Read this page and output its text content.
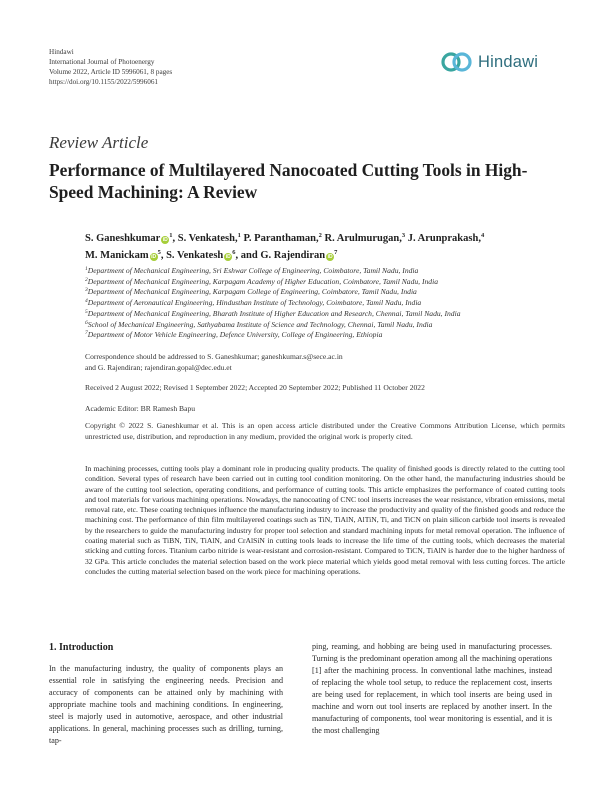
Hindawi
International Journal of Photoenergy
Volume 2022, Article ID 5996061, 8 pages
https://doi.org/10.1155/2022/5996061
Hindawi
Review Article
Performance of Multilayered Nanocoated Cutting Tools in High-Speed Machining: A Review
S. Ganeshkumar $iD^1$, S. Venkatesh,$^1$ P. Paranthaman,$^2$ R. Arulmurugan,$^3$ J. Arunprakash,$^4$ M. Manickam $iD^5$, S. Venkatesh $iD^6$, and G. Rajendiran $iD^7$
$^1$Department of Mechanical Engineering, Sri Eshwar College of Engineering, Coimbatore, Tamil Nadu, India
$^2$Department of Mechanical Engineering, Karpagam Academy of Higher Education, Coimbatore, Tamil Nadu, India
$^3$Department of Mechanical Engineering, Karpagam College of Engineering, Coimbatore, Tamil Nadu, India
$^4$Department of Aeronautical Engineering, Hindusthan Institute of Technology, Coimbatore, Tamil Nadu, India
$^5$Department of Mechanical Engineering, Bharath Institute of Higher Education and Research, Chennai, Tamil Nadu, India
$^6$School of Mechanical Engineering, Sathyabama Institute of Science and Technology, Chennai, Tamil Nadu, India
$^7$Department of Motor Vehicle Engineering, Defence University, College of Engineering, Ethiopia
Correspondence should be addressed to S. Ganeshkumar; ganeshkumar.s@sece.ac.in
and G. Rajendiran; rajendiran.gopal@dec.edu.et
Received 2 August 2022; Revised 1 September 2022; Accepted 20 September 2022; Published 11 October 2022
Academic Editor: BR Ramesh Bapu
Copyright © 2022 S. Ganeshkumar et al. This is an open access article distributed under the Creative Commons Attribution License, which permits unrestricted use, distribution, and reproduction in any medium, provided the original work is properly cited.
In machining processes, cutting tools play a dominant role in producing quality products. The quality of finished goods is directly related to the cutting tool condition. Several types of research have been carried out in cutting tool condition monitoring. On the other hand, the manufacturing industries should be aware of the cutting tool selection, operating conditions, and performance of cutting tools. This article emphasizes the performance of coated cutting tools and tool materials for various machining operations. Nowadays, the nanocoating of CNC tool inserts increases the wear resistance, vibration emissions, metal removal rate, etc. These coating techniques influence the manufacturing industry to increase the productivity and quality of the finished goods and reduce the machining cost. The performance of thin film multilayered coatings such as TiN, TiAlN, AlTiN, Ti, and TiCN on plain silicon carbide tool inserts is revealed by the researchers to guide the manufacturing industry for proper tool selection and standard machining inputs for metal removal operation. The influence of coating material such as TiBN, TiN, TiAlN, and CrAlSiN in cutting tools leads to increase the life time of the cutting tools, which decreases the material sticking and cutting forces. Titanium carbo nitride is wear-resistant and corrosion-resistant. Compared to TiCN, TiAlN is harder due to the higher hardness of 32 GPa. This article concludes the material selection based on the work piece material which yields good metal removal with less cutting forces. The article concludes the cutting material selection based on the work piece for machining operations.
1. Introduction
In the manufacturing industry, the quality of components plays an essential role in satisfying the engineering needs. Precision and accuracy of components can be attained only by machining with appropriate machine tools and machining conditions. In engineering, steel is majorly used in automotive, aerospace, and other industrial applications. In general, machining processes such as drilling, turning, tap-
ping, reaming, and hobbing are being used in manufacturing processes. Turning is the predominant operation among all the machining operations [1] after the machining process. In conventional lathe machines, instead of replacing the whole tool setup, to reduce the replacement cost, inserts are being used for replacement, in which tool inserts are being used in machine and worn out tool inserts are replaced by another insert. In the manufacturing of components, tool wear monitoring is essential, and it is the most challenging
